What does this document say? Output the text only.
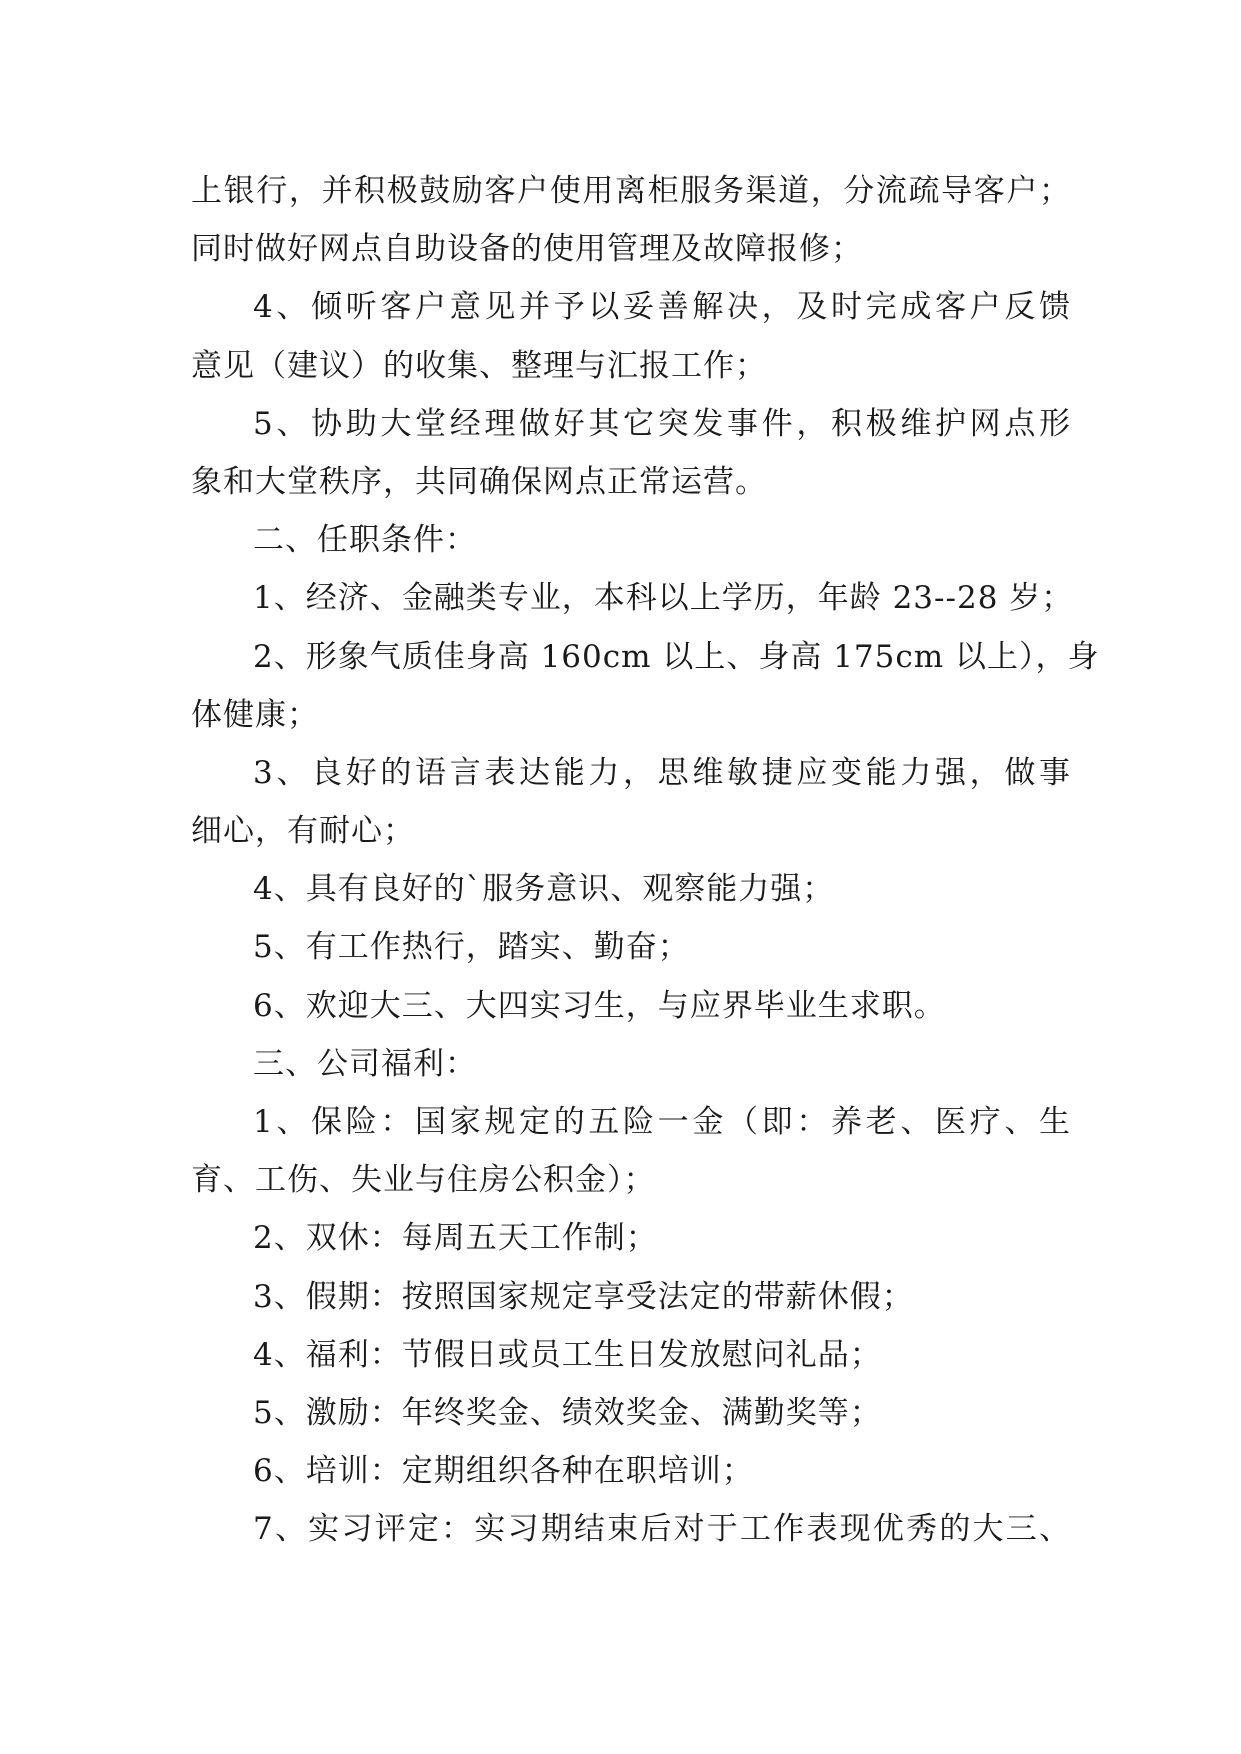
上银行，并积极鼓励客户使用离柜服务渠道，分流疏导客户；
同时做好网点自助设备的使用管理及故障报修；
4、倾听客户意见并予以妥善解决，及时完成客户反馈
意见（建议）的收集、整理与汇报工作；
5、协助大堂经理做好其它突发事件，积极维护网点形
象和大堂秩序，共同确保网点正常运营。
二、任职条件：
1、经济、金融类专业，本科以上学历，年龄 23--28 岁；
2、形象气质佳身高 160cm 以上、身高 175cm 以上），身
体健康；
3、良好的语言表达能力，思维敏捷应变能力强，做事
细心，有耐心；
4、具有良好的`服务意识、观察能力强；
5、有工作热行，踏实、勤奋；
6、欢迎大三、大四实习生，与应界毕业生求职。
三、公司福利：
1、保险：国家规定的五险一金（即：养老、医疗、生
育、工伤、失业与住房公积金）；
2、双休：每周五天工作制；
3、假期：按照国家规定享受法定的带薪休假；
4、福利：节假日或员工生日发放慰问礼品；
5、激励：年终奖金、绩效奖金、满勤奖等；
6、培训：定期组织各种在职培训；
7、实习评定：实习期结束后对于工作表现优秀的大三、
